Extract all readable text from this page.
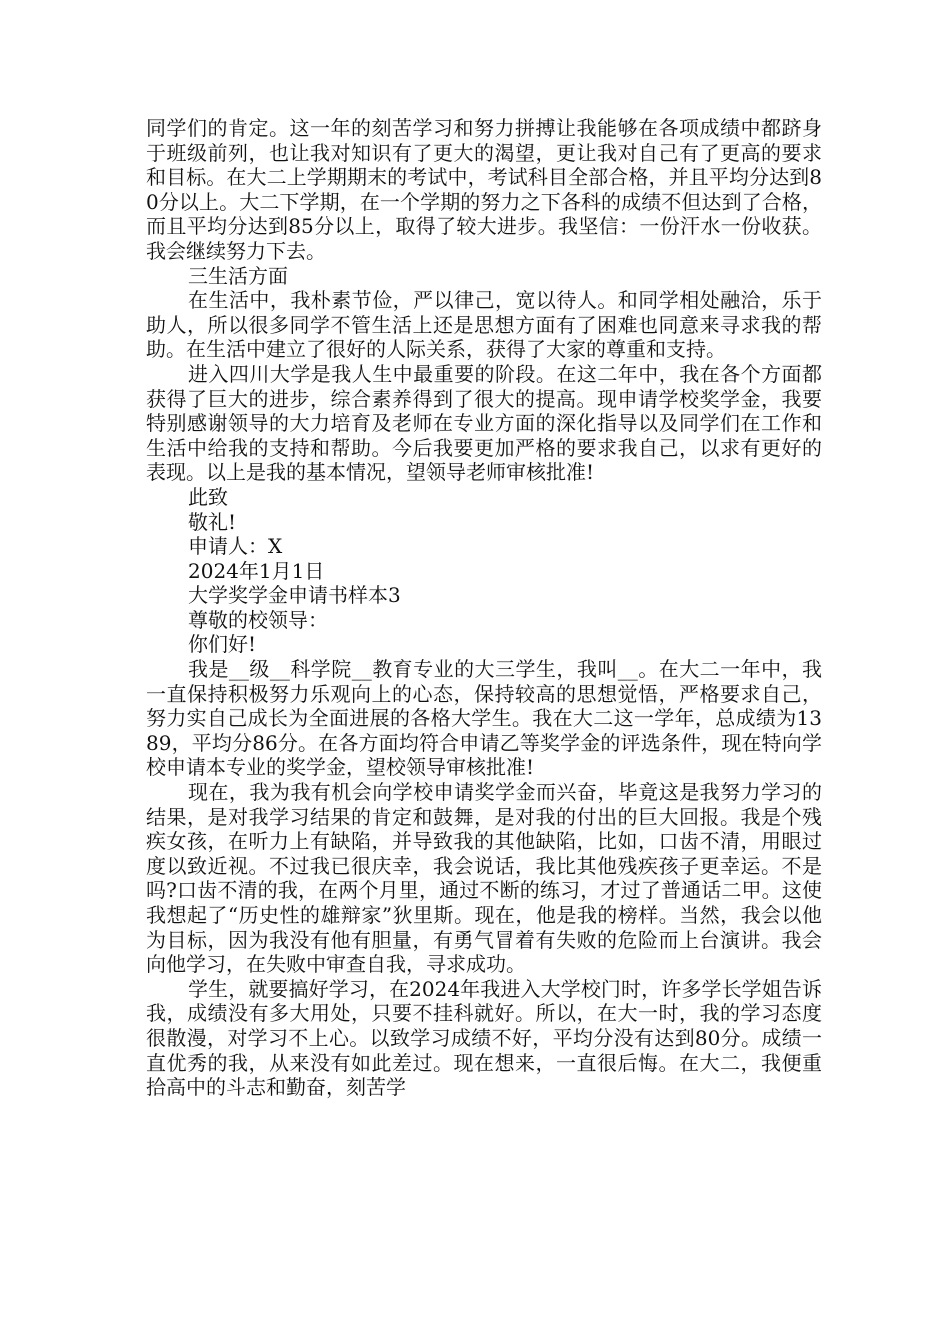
同学们的肯定。这一年的刻苦学习和努力拼搏让我能够在各项成绩中都跻身于班级前列，也让我对知识有了更大的渴望，更让我对自己有了更高的要求和目标。在大二上学期期末的考试中，考试科目全部合格，并且平均分达到80分以上。大二下学期，在一个学期的努力之下各科的成绩不但达到了合格，而且平均分达到85分以上，取得了较大进步。我坚信：一份汗水一份收获。我会继续努力下去。

三生活方面

在生活中，我朴素节俭，严以律己，宽以待人。和同学相处融洽，乐于助人，所以很多同学不管生活上还是思想方面有了困难也同意来寻求我的帮助。在生活中建立了很好的人际关系，获得了大家的尊重和支持。

进入四川大学是我人生中最重要的阶段。在这二年中，我在各个方面都获得了巨大的进步，综合素养得到了很大的提高。现申请学校奖学金，我要特别感谢领导的大力培育及老师在专业方面的深化指导以及同学们在工作和生活中给我的支持和帮助。今后我要更加严格的要求我自己，以求有更好的表现。以上是我的基本情况，望领导老师审核批准!

此致

敬礼!

申请人：X

2024年1月1日

大学奖学金申请书样本3

尊敬的校领导：

你们好!

我是__级__科学院__教育专业的大三学生，我叫__。在大二一年中，我一直保持积极努力乐观向上的心态，保持较高的思想觉悟，严格要求自己，努力实自己成长为全面进展的各格大学生。我在大二这一学年，总成绩为1389，平均分86分。在各方面均符合申请乙等奖学金的评选条件，现在特向学校申请本专业的奖学金，望校领导审核批准!

现在，我为我有机会向学校申请奖学金而兴奋，毕竟这是我努力学习的结果，是对我学习结果的肯定和鼓舞，是对我的付出的巨大回报。我是个残疾女孩，在听力上有缺陷，并导致我的其他缺陷，比如，口齿不清，用眼过度以致近视。不过我已很庆幸，我会说话，我比其他残疾孩子更幸运。不是吗?口齿不清的我，在两个月里，通过不断的练习，才过了普通话二甲。这使我想起了“历史性的雄辩家”狄里斯。现在，他是我的榜样。当然，我会以他为目标，因为我没有他有胆量，有勇气冒着有失败的危险而上台演讲。我会向他学习，在失败中审查自我，寻求成功。

学生，就要搞好学习，在2024年我进入大学校门时，许多学长学姐告诉我，成绩没有多大用处，只要不挂科就好。所以，在大一时，我的学习态度很散漫，对学习不上心。以致学习成绩不好，平均分没有达到80分。成绩一直优秀的我，从来没有如此差过。现在想来，一直很后悔。在大二，我便重拾高中的斗志和勤奋，刻苦学
